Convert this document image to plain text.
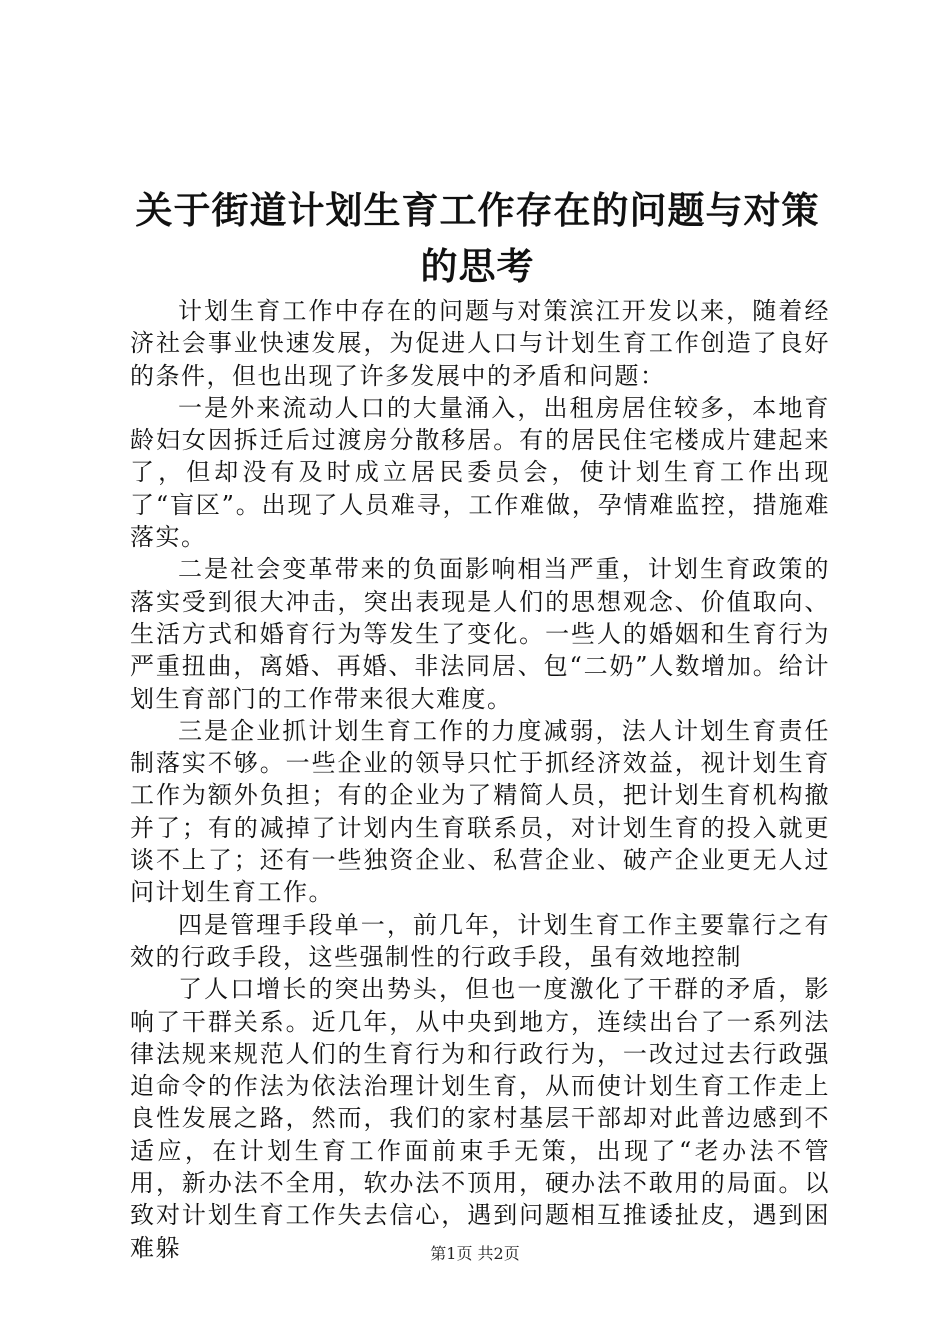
关于街道计划生育工作存在的问题与对策的思考

计划生育工作中存在的问题与对策滨江开发以来，随着经济社会事业快速发展，为促进人口与计划生育工作创造了良好的条件，但也出现了许多发展中的矛盾和问题：

一是外来流动人口的大量涌入，出租房居住较多，本地育龄妇女因拆迁后过渡房分散移居。有的居民住宅楼成片建起来了，但却没有及时成立居民委员会，使计划生育工作出现了“盲区”。出现了人员难寻，工作难做，孕情难监控，措施难落实。

二是社会变革带来的负面影响相当严重，计划生育政策的落实受到很大冲击，突出表现是人们的思想观念、价值取向、生活方式和婚育行为等发生了变化。一些人的婚姻和生育行为严重扭曲，离婚、再婚、非法同居、包“二奶”人数增加。给计划生育部门的工作带来很大难度。

三是企业抓计划生育工作的力度减弱，法人计划生育责任制落实不够。一些企业的领导只忙于抓经济效益，视计划生育工作为额外负担；有的企业为了精简人员，把计划生育机构撤并了；有的减掉了计划内生育联系员，对计划生育的投入就更谈不上了；还有一些独资企业、私营企业、破产企业更无人过问计划生育工作。

四是管理手段单一，前几年，计划生育工作主要靠行之有效的行政手段，这些强制性的行政手段，虽有效地控制

了人口增长的突出势头，但也一度激化了干群的矛盾，影响了干群关系。近几年，从中央到地方，连续出台了一系列法律法规来规范人们的生育行为和行政行为，一改过过去行政强迫命令的作法为依法治理计划生育，从而使计划生育工作走上良性发展之路，然而，我们的家村基层干部却对此普边感到不适应，在计划生育工作面前束手无策，出现了“老办法不管用，新办法不全用，软办法不顶用，硬办法不敢用的局面。以致对计划生育工作失去信心，遇到问题相互推诿扯皮，遇到困难躲	第1页 共2页
